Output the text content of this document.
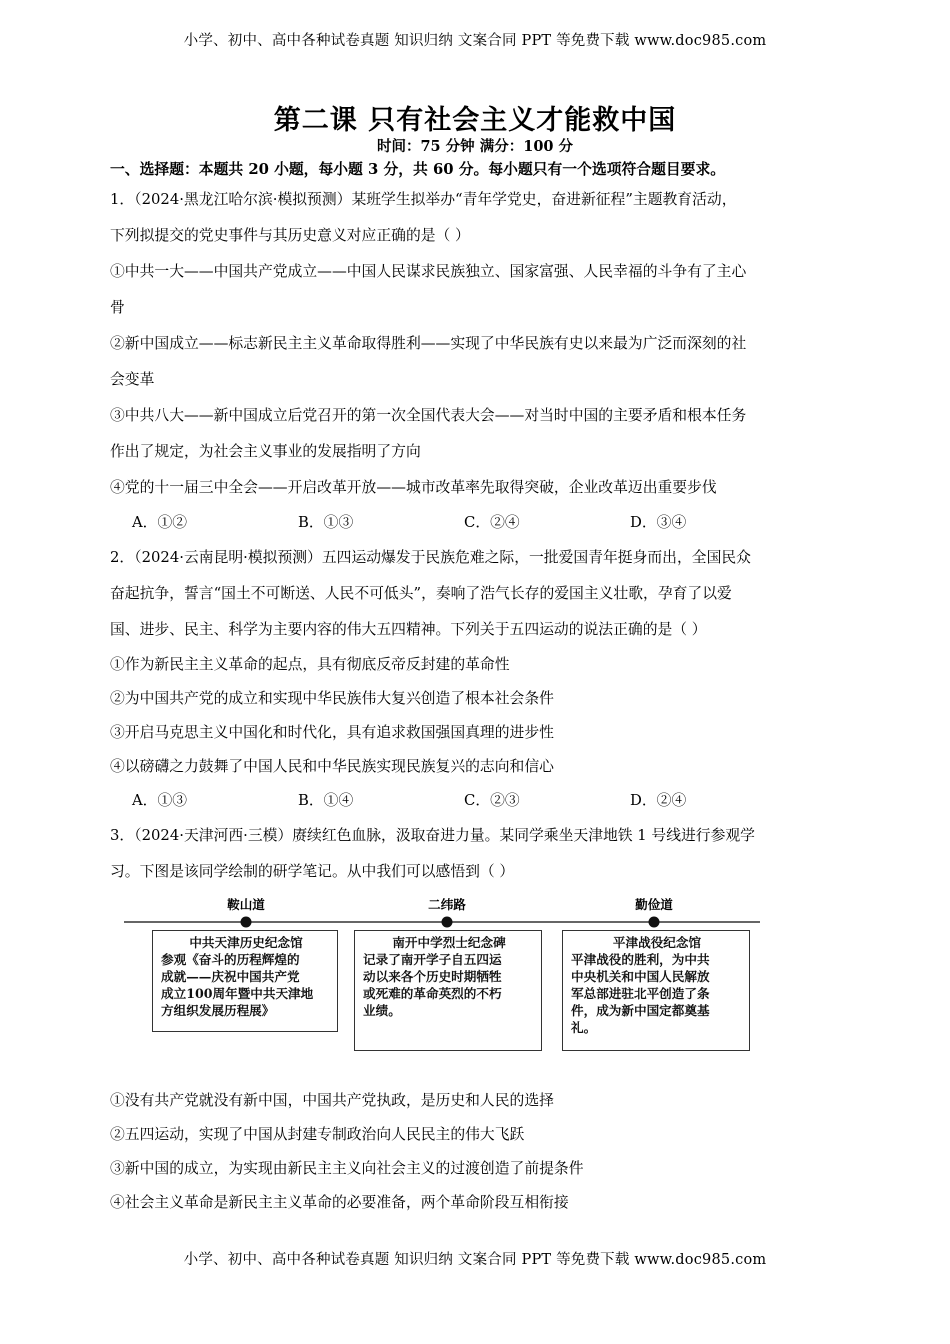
小学、初中、高中各种试卷真题 知识归纳 文案合同 PPT 等免费下载 www.doc985.com
第二课 只有社会主义才能救中国
时间：75 分钟 满分：100 分
一、选择题：本题共 20 小题，每小题 3 分，共 60 分。每小题只有一个选项符合题目要求。
1．（2024·黑龙江哈尔滨·模拟预测）某班学生拟举办“青年学党史，奋进新征程”主题教育活动，
下列拟提交的党史事件与其历史意义对应正确的是（ ）
①中共一大——中国共产党成立——中国人民谋求民族独立、国家富强、人民幸福的斗争有了主心
骨
②新中国成立——标志新民主主义革命取得胜利——实现了中华民族有史以来最为广泛而深刻的社
会变革
③中共八大——新中国成立后党召开的第一次全国代表大会——对当时中国的主要矛盾和根本任务
作出了规定，为社会主义事业的发展指明了方向
④党的十一届三中全会——开启改革开放——城市改革率先取得突破，企业改革迈出重要步伐
A．①②	B．①③	C．②④	D．③④
2．（2024·云南昆明·模拟预测）五四运动爆发于民族危难之际，一批爱国青年挺身而出，全国民众
奋起抗争，誓言“国土不可断送、人民不可低头”，奏响了浩气长存的爱国主义壮歌，孕育了以爱
国、进步、民主、科学为主要内容的伟大五四精神。下列关于五四运动的说法正确的是（ ）
①作为新民主主义革命的起点，具有彻底反帝反封建的革命性
②为中国共产党的成立和实现中华民族伟大复兴创造了根本社会条件
③开启马克思主义中国化和时代化，具有追求救国强国真理的进步性
④以磅礴之力鼓舞了中国人民和中华民族实现民族复兴的志向和信心
A．①③	B．①④	C．②③	D．②④
3．（2024·天津河西·三模）赓续红色血脉，汲取奋进力量。某同学乘坐天津地铁 1 号线进行参观学
习。下图是该同学绘制的研学笔记。从中我们可以感悟到（ ）
鞍山道	二纬路	勤俭道
中共天津历史纪念馆
参观《奋斗的历程辉煌的
成就——庆祝中国共产党
成立100周年暨中共天津地
方组织发展历程展》
南开中学烈士纪念碑
记录了南开学子自五四运
动以来各个历史时期牺牲
或死难的革命英烈的不朽
业绩。
平津战役纪念馆
平津战役的胜利，为中共
中央机关和中国人民解放
军总部进驻北平创造了条
件，成为新中国定都奠基
礼。
①没有共产党就没有新中国，中国共产党执政，是历史和人民的选择
②五四运动，实现了中国从封建专制政治向人民民主的伟大飞跃
③新中国的成立，为实现由新民主主义向社会主义的过渡创造了前提条件
④社会主义革命是新民主主义革命的必要准备，两个革命阶段互相衔接
小学、初中、高中各种试卷真题 知识归纳 文案合同 PPT 等免费下载 www.doc985.com
